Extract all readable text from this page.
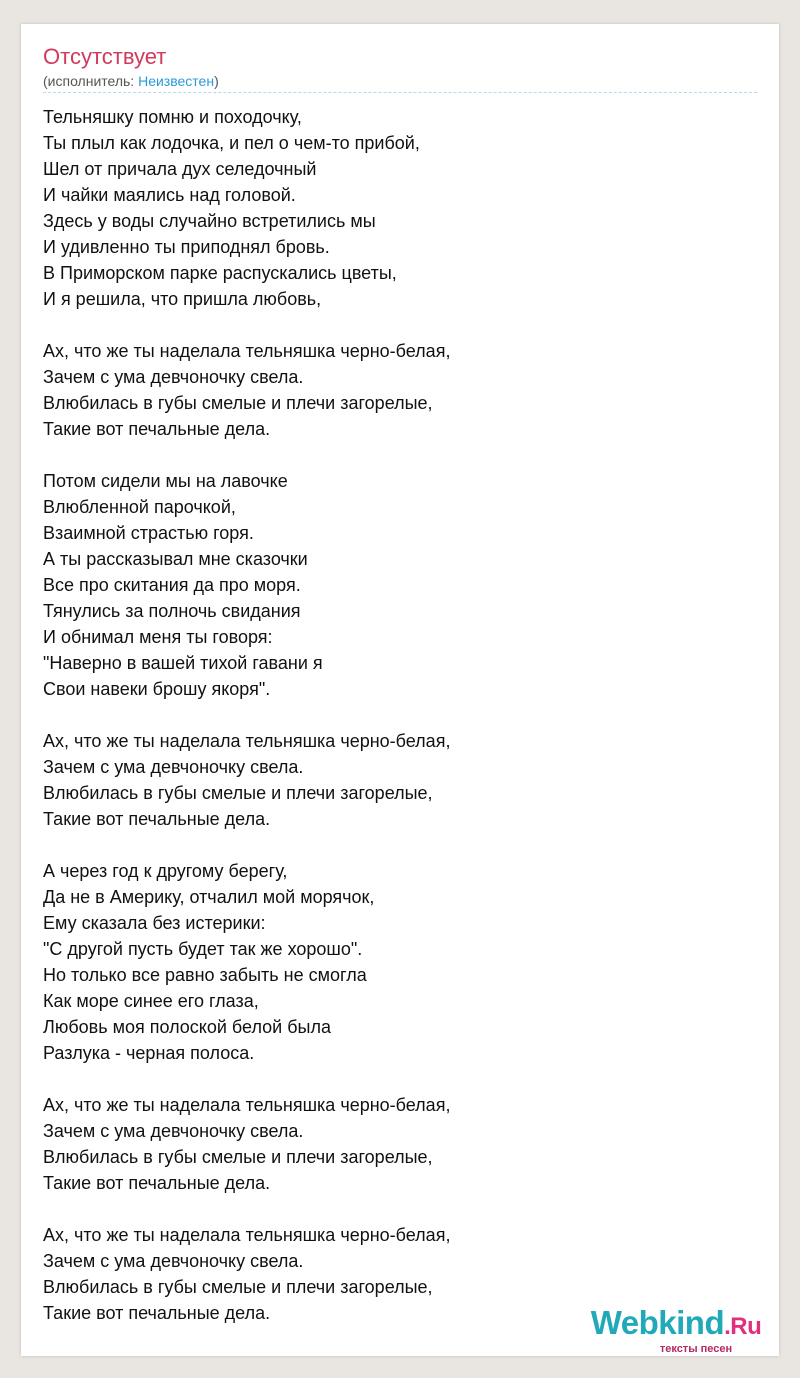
Отсутствует
(исполнитель: Неизвестен)
Тельняшку помню и походочку,
Ты плыл как лодочка, и пел о чем-то прибой,
Шел от причала дух селедочный
И чайки маялись над головой.
Здесь у воды случайно встретились мы
И удивленно ты приподнял бровь.
В Приморском парке распускались цветы,
И я решила, что пришла любовь,

Ах, что же ты наделала тельняшка черно-белая,
Зачем с ума девчоночку свела.
Влюбилась в губы смелые и плечи загорелые,
Такие вот печальные дела.

Потом сидели мы на лавочке
Влюбленной парочкой,
Взаимной страстью горя.
А ты рассказывал мне сказочки
Все про скитания да про моря.
Тянулись за полночь свидания
И обнимал меня ты говоря:
"Наверно в вашей тихой гавани я
Свои навеки брошу якоря".

Ах, что же ты наделала тельняшка черно-белая,
Зачем с ума девчоночку свела.
Влюбилась в губы смелые и плечи загорелые,
Такие вот печальные дела.

А через год к другому берегу,
Да не в Америку, отчалил мой морячок,
Ему сказала без истерики:
"С другой пусть будет так же хорошо".
Но только все равно забыть не смогла
Как море синее его глаза,
Любовь моя полоской белой была
Разлука - черная полоса.

Ах, что же ты наделала тельняшка черно-белая,
Зачем с ума девчоночку свела.
Влюбилась в губы смелые и плечи загорелые,
Такие вот печальные дела.

Ах, что же ты наделала тельняшка черно-белая,
Зачем с ума девчоночку свела.
Влюбилась в губы смелые и плечи загорелые,
Такие вот печальные дела.	Webkind.Ru
тексты песен
